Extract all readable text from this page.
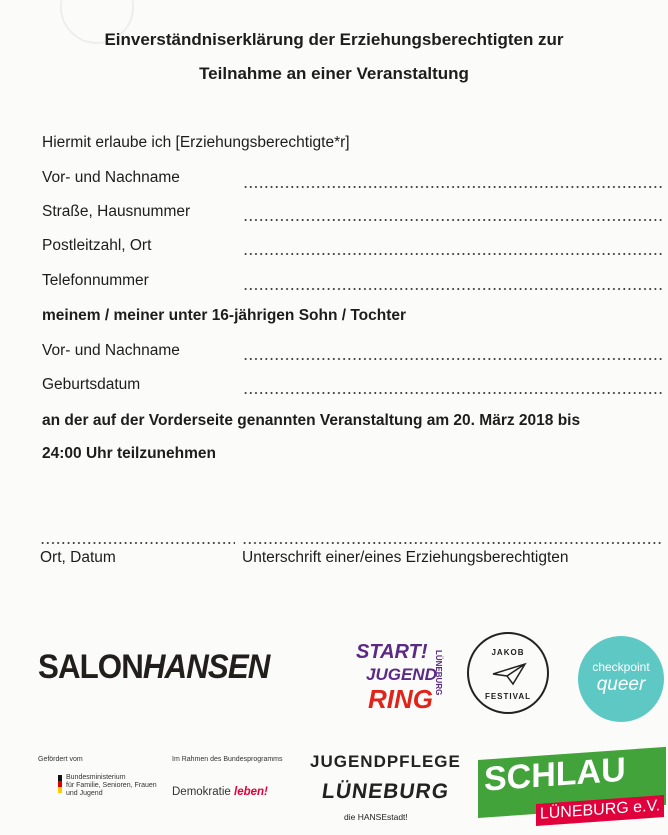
Einverständniserklärung der Erziehungsberechtigten zur
Teilnahme an einer Veranstaltung
Hiermit erlaube ich [Erziehungsberechtigte*r]
Vor- und Nachname
Straße, Hausnummer
Postleitzahl, Ort
Telefonnummer
meinem / meiner unter 16-jährigen Sohn / Tochter
Vor- und Nachname
Geburtsdatum
an der auf der Vorderseite genannten Veranstaltung am 20. März 2018 bis
24:00 Uhr teilzunehmen
Ort, Datum	Unterschrift einer/eines Erziehungsberechtigten
SALONHANSEN	START!
JUGEND
RING
LÜNEBURG	JAKOB
FESTIVAL
checkpoint
queer
Gefördert vom
Bundesministerium
für Familie, Senioren, Frauen
und Jugend
Im Rahmen des Bundesprogramms
Demokratie leben!
JUGENDPFLEGE
LÜNEBURG
die HANSEstadt!
SCHLAU
LÜNEBURG e.V.
